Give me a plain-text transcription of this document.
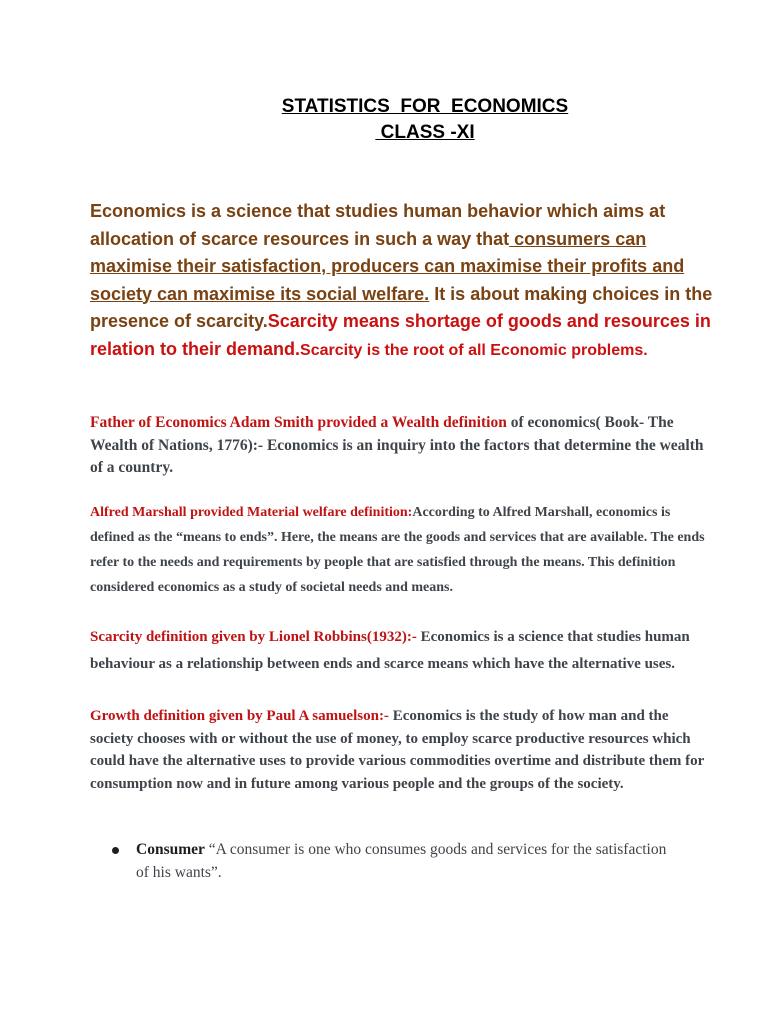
STATISTICS  FOR  ECONOMICS
CLASS -XI
Economics is a science that studies human behavior which aims at allocation of scarce resources in such a way that consumers can maximise their satisfaction, producers can maximise their profits and society can maximise its social welfare. It is about making choices in the presence of scarcity.Scarcity means shortage of goods and resources in relation to their demand.Scarcity is the root of all Economic problems.
Father of Economics Adam Smith provided a Wealth definition of economics( Book- The Wealth of Nations, 1776):- Economics is an inquiry into the factors that determine the wealth of a country.
Alfred Marshall provided Material welfare definition:According to Alfred Marshall, economics is defined as the “means to ends”. Here, the means are the goods and services that are available. The ends refer to the needs and requirements by people that are satisfied through the means. This definition considered economics as a study of societal needs and means.
Scarcity definition given by Lionel Robbins(1932):- Economics is a science that studies human behaviour as a relationship between ends and scarce means which have the alternative uses.
Growth definition given by Paul A samuelson:- Economics is the study of how man and the society chooses with or without the use of money, to employ scarce productive resources which could have the alternative uses to provide various commodities overtime and distribute them for consumption now and in future among various people and the groups of the society.
Consumer “A consumer is one who consumes goods and services for the satisfaction of his wants”.
